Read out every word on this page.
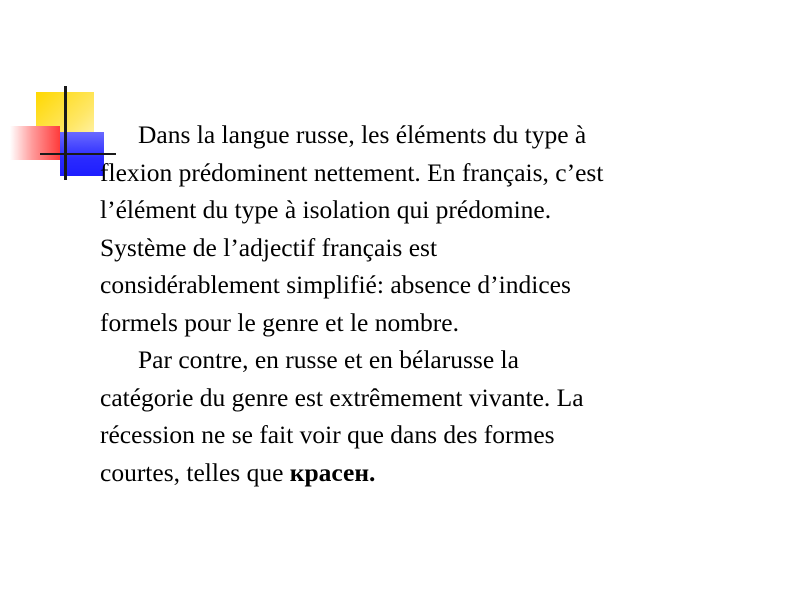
Dans la langue russe, les éléments du type à
flexion prédominent nettement. En français, c’est
l’élément du type à isolation qui prédomine.
Système de l’adjectif français est
considérablement simplifié: absence d’indices
formels pour le genre et le nombre.

Par contre, en russe et en bélarusse la
catégorie du genre est extrêmement vivante. La
récession ne se fait voir que dans des formes
courtes, telles que красен.
